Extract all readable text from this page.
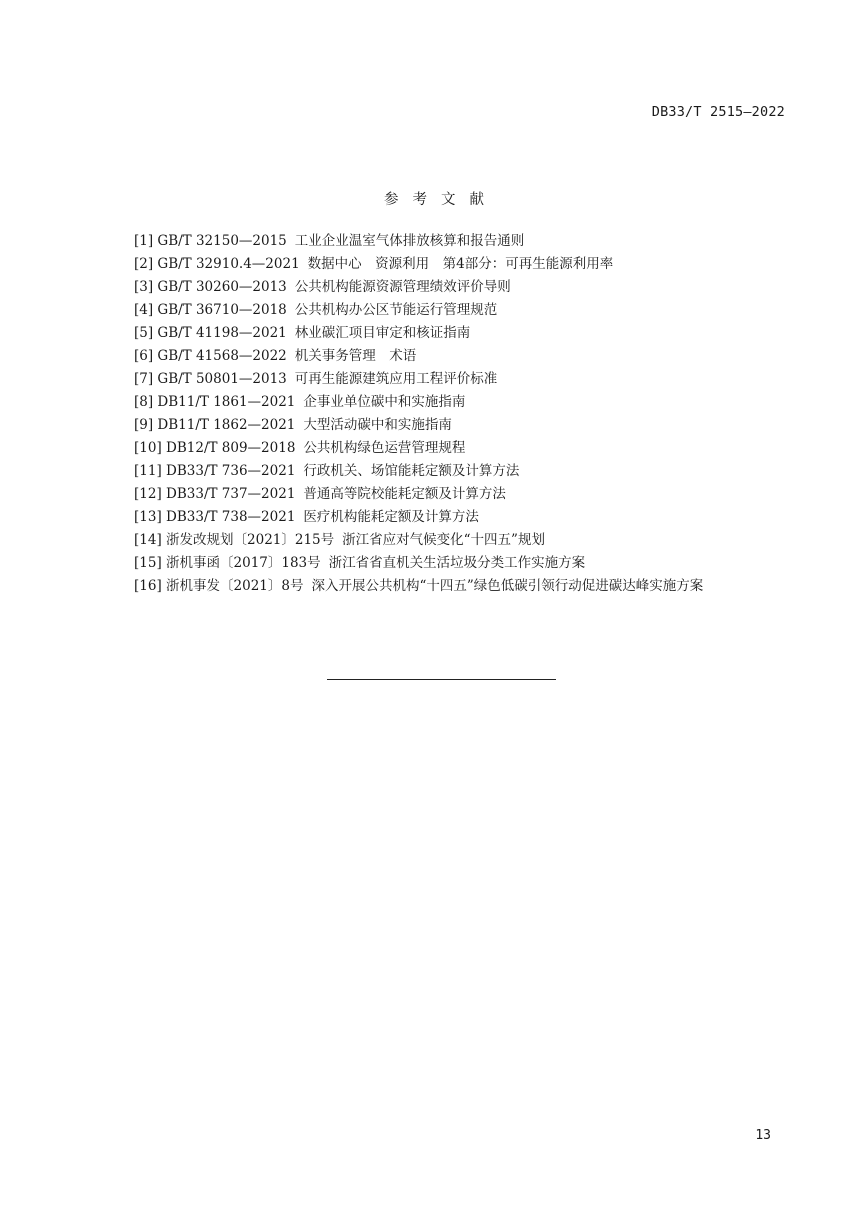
DB33/T 2515—2022
参考文献
[1] GB/T 32150—2015 工业企业温室气体排放核算和报告通则
[2] GB/T 32910.4—2021 数据中心　资源利用　第4部分：可再生能源利用率
[3] GB/T 30260—2013 公共机构能源资源管理绩效评价导则
[4] GB/T 36710—2018 公共机构办公区节能运行管理规范
[5] GB/T 41198—2021 林业碳汇项目审定和核证指南
[6] GB/T 41568—2022 机关事务管理　术语
[7] GB/T 50801—2013 可再生能源建筑应用工程评价标准
[8] DB11/T 1861—2021 企事业单位碳中和实施指南
[9] DB11/T 1862—2021 大型活动碳中和实施指南
[10] DB12/T 809—2018 公共机构绿色运营管理规程
[11] DB33/T 736—2021 行政机关、场馆能耗定额及计算方法
[12] DB33/T 737—2021 普通高等院校能耗定额及计算方法
[13] DB33/T 738—2021 医疗机构能耗定额及计算方法
[14] 浙发改规划〔2021〕215号 浙江省应对气候变化“十四五”规划
[15] 浙机事函〔2017〕183号 浙江省省直机关生活垃圾分类工作实施方案
[16] 浙机事发〔2021〕8号 深入开展公共机构“十四五”绿色低碳引领行动促进碳达峰实施方案
13
